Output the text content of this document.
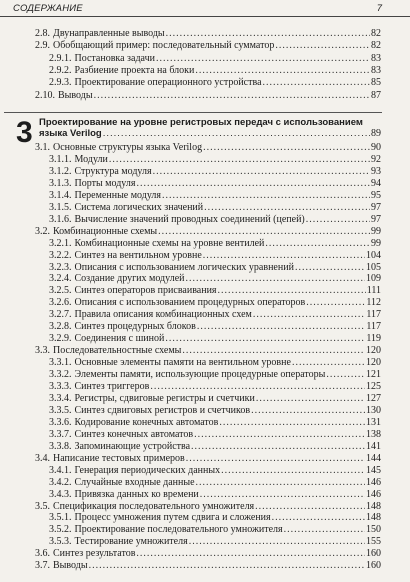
СОДЕРЖАНИЕ	7
2.8. Двунаправленные выводы .....	82
2.9. Обобщающий пример: последовательный сумматор .....	82
2.9.1. Постановка задачи .....	83
2.9.2. Разбиение проекта на блоки .....	83
2.9.3. Проектирование операционного устройства .....	85
2.10. Выводы .....	87
3 Проектирование на уровне регистровых передач с использованием
языка Verilog .....	89
3.1. Основные структуры языка Verilog .....	90
3.1.1. Модули .....	92
3.1.2. Структура модуля .....	93
3.1.3. Порты модуля .....	94
3.1.4. Переменные модуля .....	95
3.1.5. Система логических значений .....	97
3.1.6. Вычисление значений проводных соединений (цепей) .....	97
3.2. Комбинационные схемы .....	99
3.2.1. Комбинационные схемы на уровне вентилей .....	99
3.2.2. Синтез на вентильном уровне .....	104
3.2.3. Описания с использованием логических уравнений .....	105
3.2.4. Создание других модулей .....	109
3.2.5. Синтез операторов присваивания .....	111
3.2.6. Описания с использованием процедурных операторов .....	112
3.2.7. Правила описания комбинационных схем .....	117
3.2.8. Синтез процедурных блоков .....	117
3.2.9. Соединения с шиной .....	119
3.3. Последовательностные схемы .....	120
3.3.1. Основные элементы памяти на вентильном уровне .....	120
3.3.2. Элементы памяти, использующие процедурные операторы .....	121
3.3.3. Синтез триггеров .....	125
3.3.4. Регистры, сдвиговые регистры и счетчики .....	127
3.3.5. Синтез сдвиговых регистров и счетчиков .....	130
3.3.6. Кодирование конечных автоматов .....	131
3.3.7. Синтез конечных автоматов .....	138
3.3.8. Запоминающие устройства .....	141
3.4. Написание тестовых примеров .....	144
3.4.1. Генерация периодических данных .....	145
3.4.2. Случайные входные данные .....	146
3.4.3. Привязка данных ко времени .....	146
3.5. Спецификация последовательного умножителя .....	148
3.5.1. Процесс умножения путем сдвига и сложения .....	148
3.5.2. Проектирование последовательного умножителя .....	150
3.5.3. Тестирование умножителя .....	155
3.6. Синтез результатов .....	160
3.7. Выводы .....	160
